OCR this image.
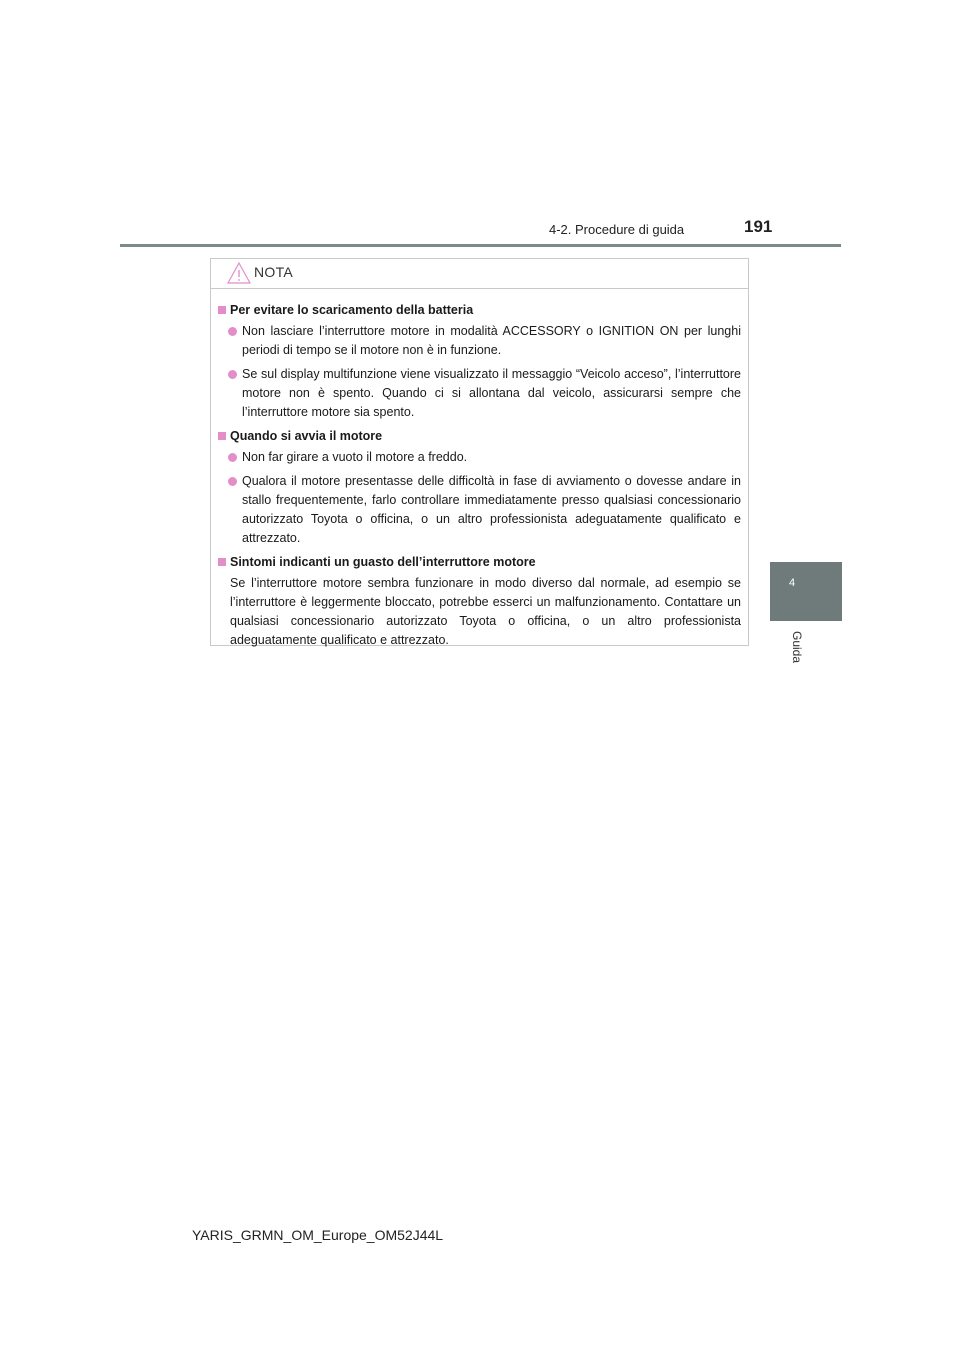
4-2. Procedure di guida	191
4
Guida
NOTA
Per evitare lo scaricamento della batteria
Non lasciare l’interruttore motore in modalità ACCESSORY o IGNITION ON per lunghi periodi di tempo se il motore non è in funzione.
Se sul display multifunzione viene visualizzato il messaggio “Veicolo acceso”, l’interruttore motore non è spento. Quando ci si allontana dal veicolo, assicurarsi sempre che l’interruttore motore sia spento.
Quando si avvia il motore
Non far girare a vuoto il motore a freddo.
Qualora il motore presentasse delle difficoltà in fase di avviamento o dovesse andare in stallo frequentemente, farlo controllare immediatamente presso qualsiasi concessionario autorizzato Toyota o officina, o un altro professionista adeguatamente qualificato e attrezzato.
Sintomi indicanti un guasto dell’interruttore motore
Se l’interruttore motore sembra funzionare in modo diverso dal normale, ad esempio se l’interruttore è leggermente bloccato, potrebbe esserci un malfunzionamento. Contattare un qualsiasi concessionario autorizzato Toyota o officina, o un altro professionista adeguatamente qualificato e attrezzato.
YARIS_GRMN_OM_Europe_OM52J44L
